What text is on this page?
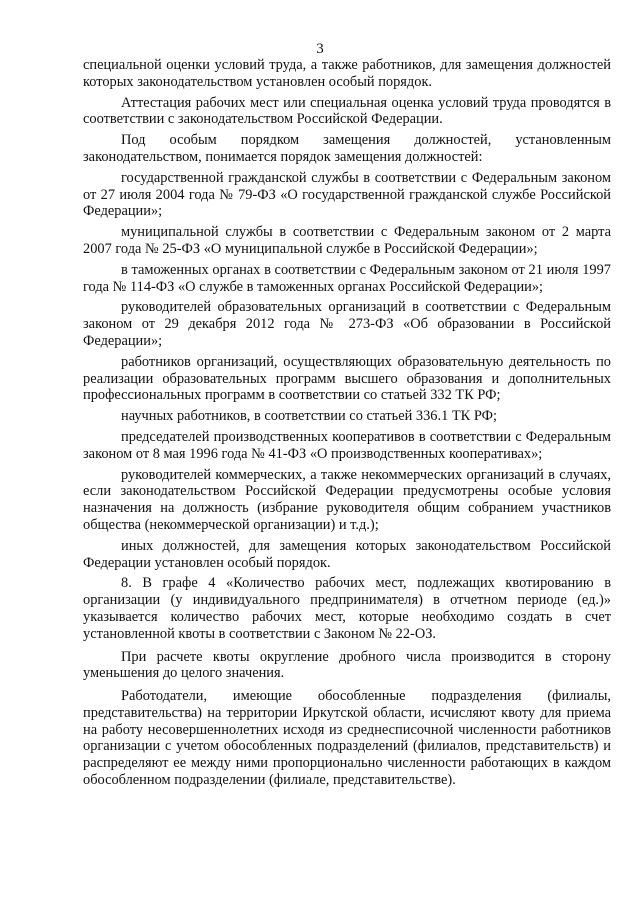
3

специальной оценки условий труда, а также работников, для замещения должностей которых законодательством установлен особый порядок.

Аттестация рабочих мест или специальная оценка условий труда проводятся в соответствии с законодательством Российской Федерации.

Под особым порядком замещения должностей, установленным законодательством, понимается порядок замещения должностей:

государственной гражданской службы в соответствии с Федеральным законом от 27 июля 2004 года № 79-ФЗ «О государственной гражданской службе Российской Федерации»;

муниципальной службы в соответствии с Федеральным законом от 2 марта 2007 года № 25-ФЗ «О муниципальной службе в Российской Федерации»;

в таможенных органах в соответствии с Федеральным законом от 21 июля 1997 года № 114-ФЗ «О службе в таможенных органах Российской Федерации»;

руководителей образовательных организаций в соответствии с Федеральным законом от 29 декабря 2012 года № 273-ФЗ «Об образовании в Российской Федерации»;

работников организаций, осуществляющих образовательную деятельность по реализации образовательных программ высшего образования и дополнительных профессиональных программ в соответствии со статьей 332 ТК РФ;

научных работников, в соответствии со статьей 336.1 ТК РФ;

председателей производственных кооперативов в соответствии с Федеральным законом от 8 мая 1996 года № 41-ФЗ «О производственных кооперативах»;

руководителей коммерческих, а также некоммерческих организаций в случаях, если законодательством Российской Федерации предусмотрены особые условия назначения на должность (избрание руководителя общим собранием участников общества (некоммерческой организации) и т.д.);

иных должностей, для замещения которых законодательством Российской Федерации установлен особый порядок.

8. В графе 4 «Количество рабочих мест, подлежащих квотированию в организации (у индивидуального предпринимателя) в отчетном периоде (ед.)» указывается количество рабочих мест, которые необходимо создать в счет установленной квоты в соответствии с Законом № 22-ОЗ.

При расчете квоты округление дробного числа производится в сторону уменьшения до целого значения.

Работодатели, имеющие обособленные подразделения (филиалы, представительства) на территории Иркутской области, исчисляют квоту для приема на работу несовершеннолетних исходя из среднесписочной численности работников организации с учетом обособленных подразделений (филиалов, представительств) и распределяют ее между ними пропорционально численности работающих в каждом обособленном подразделении (филиале, представительстве).
